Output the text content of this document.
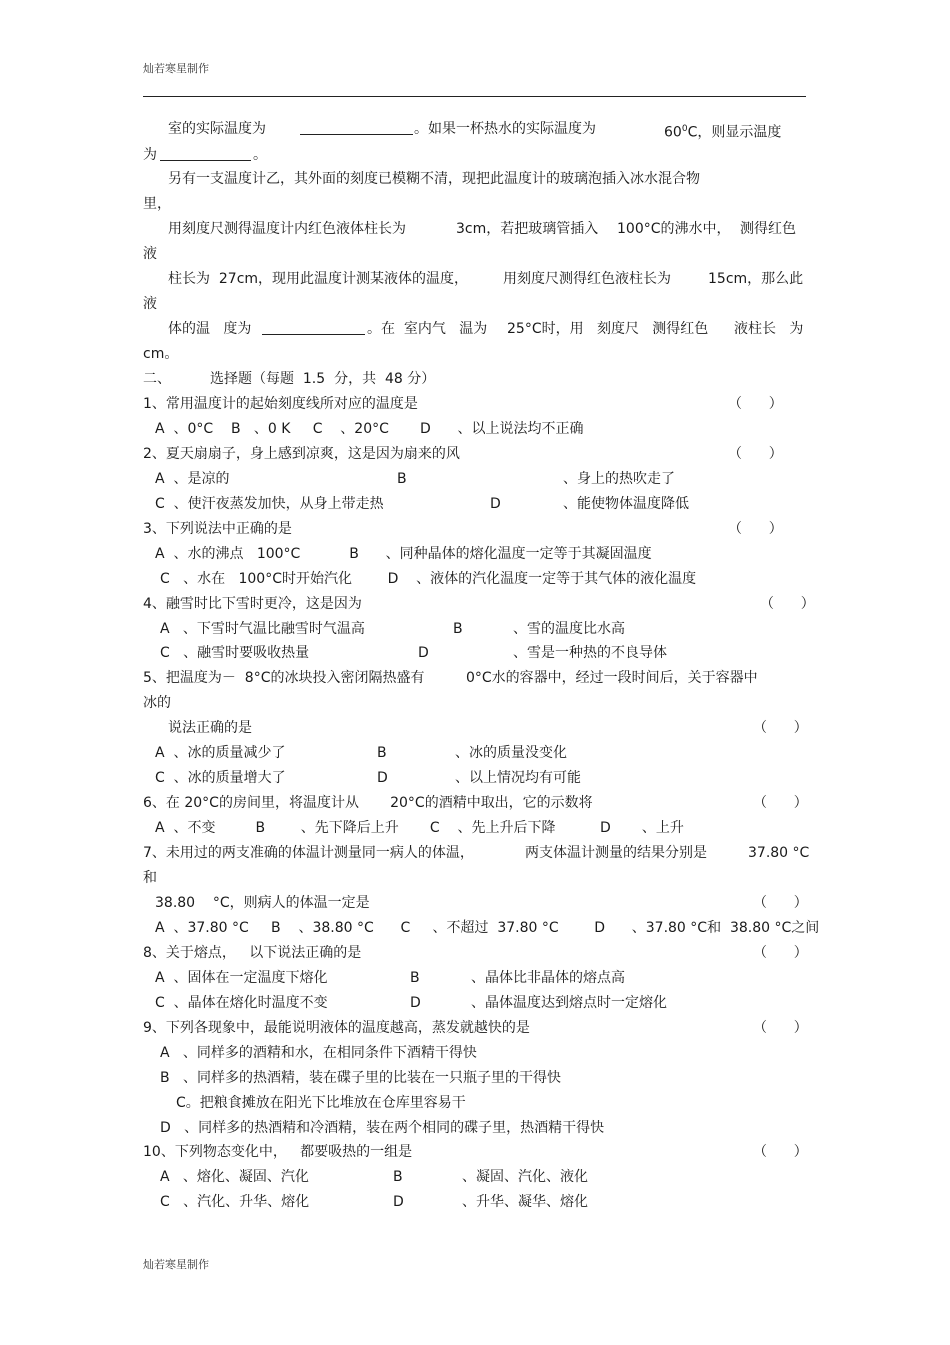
灿若寒星制作
室的实际温度为	。如果一杯热水的实际温度为	$60^0C$，则显示温度
为	。
另有一支温度计乙，其外面的刻度已模糊不清，现把此温度计的玻璃泡插入冰水混合物
里，
用刻度尺测得温度计内红色液体柱长为	3cm，若把玻璃管插入 100°C的沸水中， 测得红色
液
柱长为  27cm，现用此温度计测某液体的温度， 用刻度尺测得红色液柱长为	15cm，那么此
液
体的温   度为	。在  室内气   温为 25°C时，用   刻度尺   测得红色 液柱长   为
cm。
二、	选择题（每题  1.5  分，共  48 分）
1、常用温度计的起始刻度线所对应的温度是	（      ）
A  、0°C    B   、0 K     C    、20°C       D      、以上说法均不正确
2、夏天扇扇子，身上感到凉爽，这是因为扇来的风	（      ）
A  、是凉的	B	、身上的热吹走了
C  、使汗夜蒸发加快，从身上带走热	D	、能使物体温度降低
3、下列说法中正确的是	（      ）
A  、水的沸点   100°C           B      、同种晶体的熔化温度一定等于其凝固温度
C   、水在   100°C时开始汽化        D    、液体的汽化温度一定等于其气体的液化温度
4、融雪时比下雪时更冷，这是因为	（      ）
A   、下雪时气温比融雪时气温高	B	、雪的温度比水高
C   、融雪时要吸收热量	D	、雪是一种热的不良导体
5、把温度为－  8°C的冰块投入密闭隔热盛有	0°C水的容器中，经过一段时间后，关于容器中
冰的
说法正确的是	（      ）
A  、冰的质量减少了	B	、冰的质量没变化
C  、冰的质量增大了	D	、以上情况均有可能
6、在 20°C的房间里，将温度计从       20°C的酒精中取出，它的示数将	（      ）
A  、不变         B        、先下降后上升       C    、先上升后下降          D       、上升
7、未用过的两支准确的体温计测量同一病人的体温，	两支体温计测量的结果分别是	37.80 °C
和
38.80    °C，则病人的体温一定是	（      ）
A  、37.80 °C     B    、38.80 °C      C     、不超过  37.80 °C        D      、37.80 °C和  38.80 °C之间
8、关于熔点，   以下说法正确的是	（      ）
A  、固体在一定温度下熔化	B	、晶体比非晶体的熔点高
C  、晶体在熔化时温度不变	D	、晶体温度达到熔点时一定熔化
9、下列各现象中，最能说明液体的温度越高，蒸发就越快的是	（      ）
A   、同样多的酒精和水，在相同条件下酒精干得快
B   、同样多的热酒精，装在碟子里的比装在一只瓶子里的干得快
C。把粮食摊放在阳光下比堆放在仓库里容易干
D   、同样多的热酒精和冷酒精，装在两个相同的碟子里，热酒精干得快
10、下列物态变化中，   都要吸热的一组是	（      ）
A   、熔化、凝固、汽化	B	、凝固、汽化、液化
C   、汽化、升华、熔化	D	、升华、凝华、熔化
灿若寒星制作
